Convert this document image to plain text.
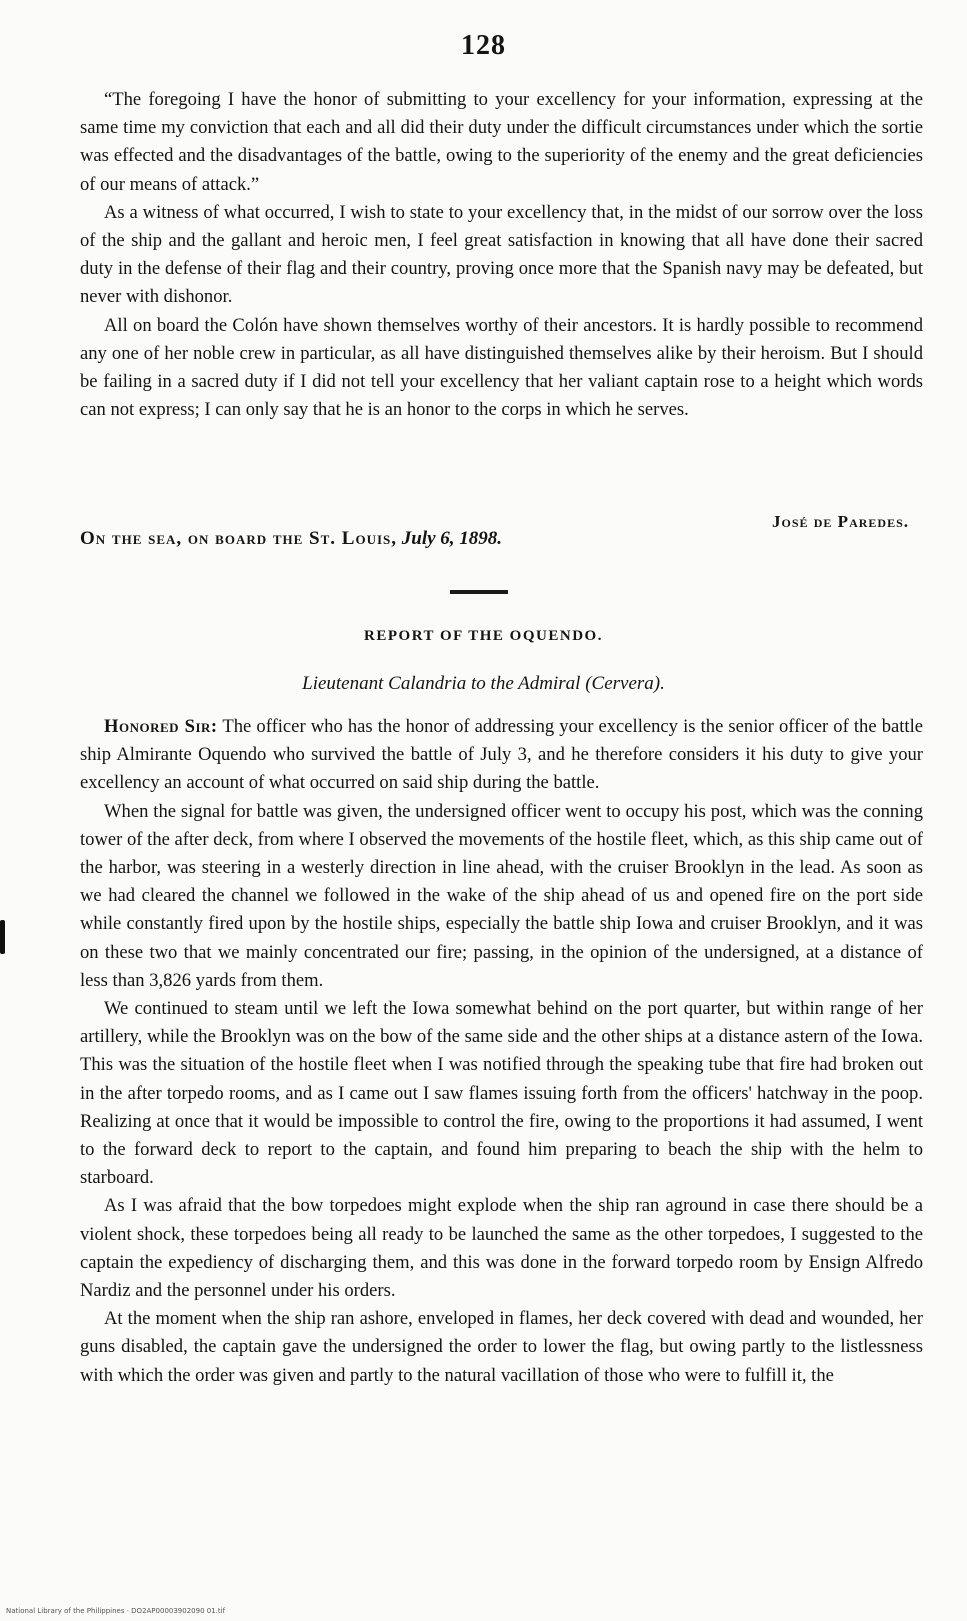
128

“The foregoing I have the honor of submitting to your excellency for your information, expressing at the same time my conviction that each and all did their duty under the difficult circumstances under which the sortie was effected and the disadvantages of the battle, owing to the superiority of the enemy and the great deficiencies of our means of attack.”

As a witness of what occurred, I wish to state to your excellency that, in the midst of our sorrow over the loss of the ship and the gallant and heroic men, I feel great satisfaction in knowing that all have done their sacred duty in the defense of their flag and their country, proving once more that the Spanish navy may be defeated, but never with dishonor.

All on board the Colón have shown themselves worthy of their ancestors. It is hardly possible to recommend any one of her noble crew in particular, as all have distinguished themselves alike by their heroism. But I should be failing in a sacred duty if I did not tell your excellency that her valiant captain rose to a height which words can not express; I can only say that he is an honor to the corps in which he serves.

José de Paredes.
On the sea, on board the St. Louis, July 6, 1898.
REPORT OF THE OQUENDO.
Lieutenant Calandria to the Admiral (Cervera).

Honored Sir: The officer who has the honor of addressing your excellency is the senior officer of the battle ship Almirante Oquendo who survived the battle of July 3, and he therefore considers it his duty to give your excellency an account of what occurred on said ship during the battle.

When the signal for battle was given, the undersigned officer went to occupy his post, which was the conning tower of the after deck, from where I observed the movements of the hostile fleet, which, as this ship came out of the harbor, was steering in a westerly direction in line ahead, with the cruiser Brooklyn in the lead. As soon as we had cleared the channel we followed in the wake of the ship ahead of us and opened fire on the port side while constantly fired upon by the hostile ships, especially the battle ship Iowa and cruiser Brooklyn, and it was on these two that we mainly concentrated our fire; passing, in the opinion of the undersigned, at a distance of less than 3,826 yards from them.

We continued to steam until we left the Iowa somewhat behind on the port quarter, but within range of her artillery, while the Brooklyn was on the bow of the same side and the other ships at a distance astern of the Iowa. This was the situation of the hostile fleet when I was notified through the speaking tube that fire had broken out in the after torpedo rooms, and as I came out I saw flames issuing forth from the officers' hatchway in the poop. Realizing at once that it would be impossible to control the fire, owing to the proportions it had assumed, I went to the forward deck to report to the captain, and found him preparing to beach the ship with the helm to starboard.

As I was afraid that the bow torpedoes might explode when the ship ran aground in case there should be a violent shock, these torpedoes being all ready to be launched the same as the other torpedoes, I suggested to the captain the expediency of discharging them, and this was done in the forward torpedo room by Ensign Alfredo Nardiz and the personnel under his orders.

At the moment when the ship ran ashore, enveloped in flames, her deck covered with dead and wounded, her guns disabled, the captain gave the undersigned the order to lower the flag, but owing partly to the listlessness with which the order was given and partly to the natural vacillation of those who were to fulfill it, the

National Library of the Philippines · DO2AP00003902090 01.tif
